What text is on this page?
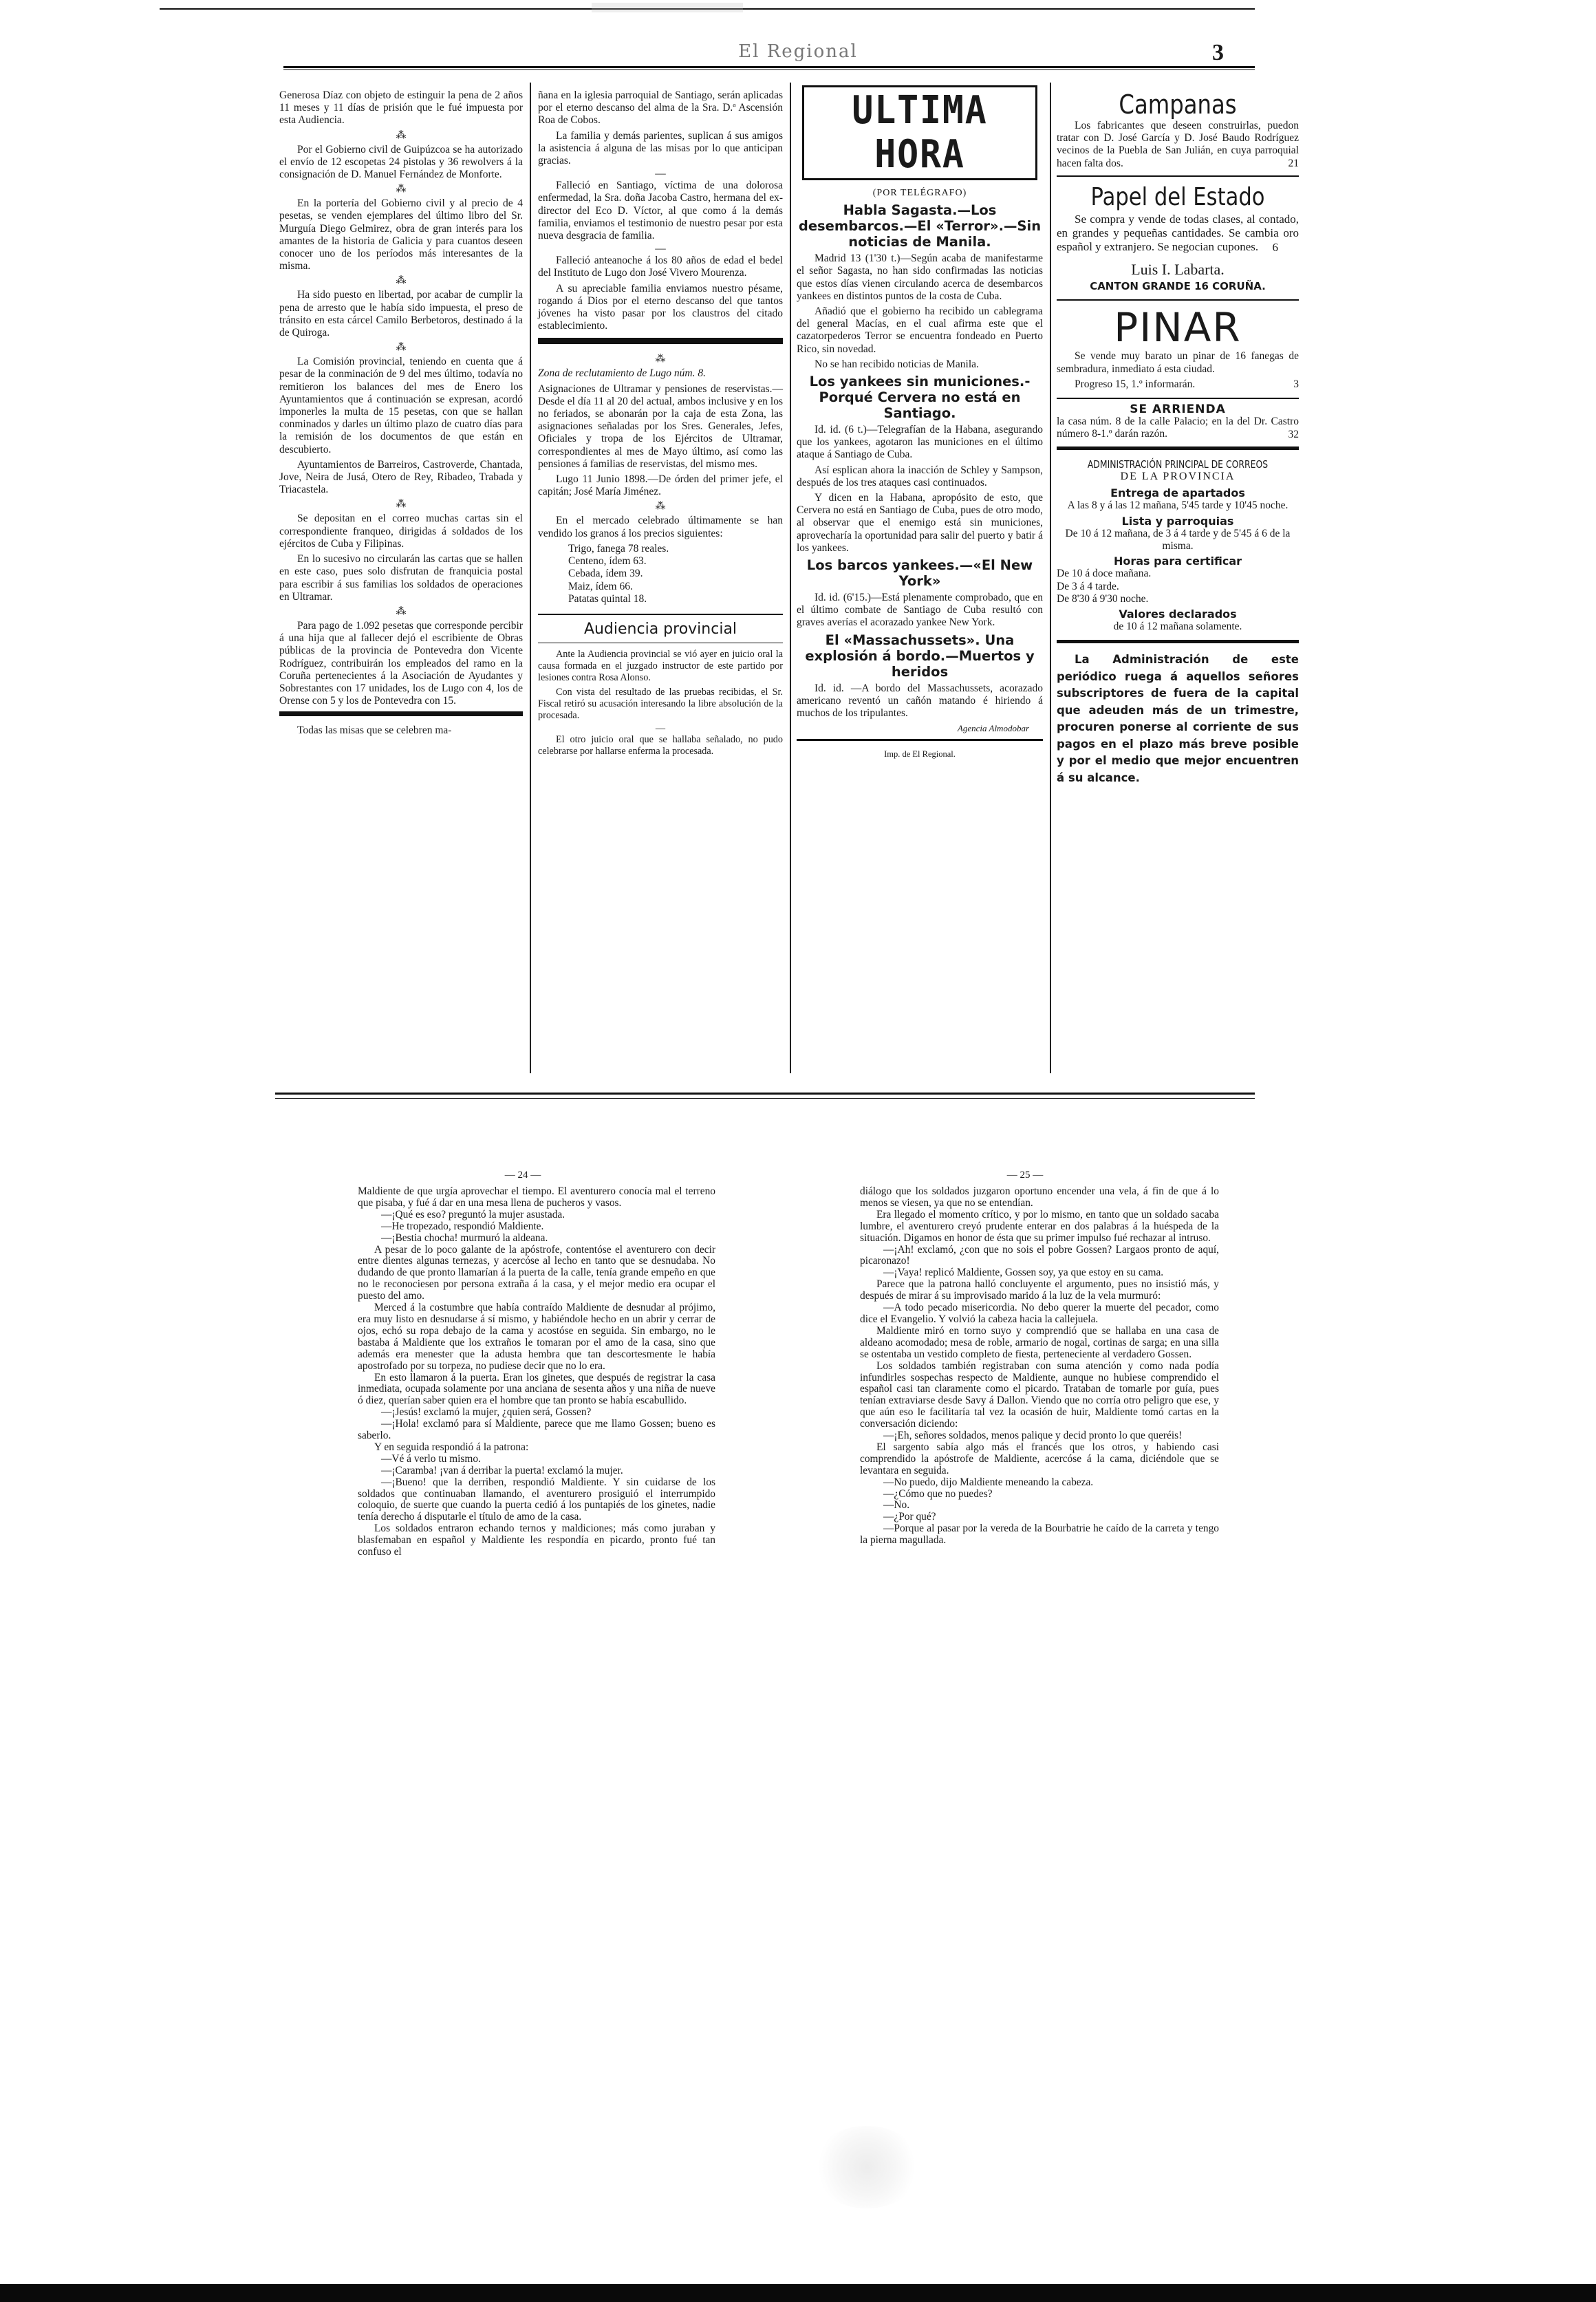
El Regional	3

Generosa Díaz con objeto de estinguir la pena de 2 años 11 meses y 11 días de prisión que le fué impuesta por esta Audiencia.

⁂

Por el Gobierno civil de Guipúzcoa se ha autorizado el envío de 12 escopetas 24 pistolas y 36 rewolvers á la consignación de D. Manuel Fernández de Monforte.

⁂

En la portería del Gobierno civil y al precio de 4 pesetas, se venden ejemplares del último libro del Sr. Murguía Diego Gelmirez, obra de gran interés para los amantes de la historia de Galicia y para cuantos deseen conocer uno de los períodos más interesantes de la misma.

⁂

Ha sido puesto en libertad, por acabar de cumplir la pena de arresto que le había sido impuesta, el preso de tránsito en esta cárcel Camilo Berbetoros, destinado á la de Quiroga.

⁂

La Comisión provincial, teniendo en cuenta que á pesar de la conminación de 9 del mes último, todavía no remitieron los balances del mes de Enero los Ayuntamientos que á continuación se expresan, acordó imponerles la multa de 15 pesetas, con que se hallan conminados y darles un último plazo de cuatro días para la remisión de los documentos de que están en descubierto.

Ayuntamientos de Barreiros, Castroverde, Chantada, Jove, Neira de Jusá, Otero de Rey, Ribadeo, Trabada y Triacastela.

⁂

Se depositan en el correo muchas cartas sin el correspondiente franqueo, dirigidas á soldados de los ejércitos de Cuba y Filipinas.

En lo sucesivo no circularán las cartas que se hallen en este caso, pues solo disfrutan de franquicia postal para escribir á sus familias los soldados de operaciones en Ultramar.

⁂

Para pago de 1.092 pesetas que corresponde percibir á una hija que al fallecer dejó el escribiente de Obras públicas de la provincia de Pontevedra don Vicente Rodríguez, contribuirán los empleados del ramo en la Coruña pertenecientes á la Asociación de Ayudantes y Sobrestantes con 17 unidades, los de Lugo con 4, los de Orense con 5 y los de Pontevedra con 15.

Todas las misas que se celebren ma-

ñana en la iglesia parroquial de Santiago, serán aplicadas por el eterno descanso del alma de la Sra. D.ª Ascensión Roa de Cobos.

La familia y demás parientes, suplican á sus amigos la asistencia á alguna de las misas por lo que anticipan gracias.

—

Falleció en Santiago, víctima de una dolorosa enfermedad, la Sra. doña Jacoba Castro, hermana del ex-director del Eco D. Víctor, al que como á la demás familia, enviamos el testimonio de nuestro pesar por esta nueva desgracia de familia.

—

Falleció anteanoche á los 80 años de edad el bedel del Instituto de Lugo don José Vivero Mourenza.

A su apreciable familia enviamos nuestro pésame, rogando á Dios por el eterno descanso del que tantos jóvenes ha visto pasar por los claustros del citado establecimiento.

⁂

Zona de reclutamiento de Lugo núm. 8.

Asignaciones de Ultramar y pensiones de reservistas.—Desde el día 11 al 20 del actual, ambos inclusive y en los no feriados, se abonarán por la caja de esta Zona, las asignaciones señaladas por los Sres. Generales, Jefes, Oficiales y tropa de los Ejércitos de Ultramar, correspondientes al mes de Mayo último, así como las pensiones á familias de reservistas, del mismo mes.

Lugo 11 Junio 1898.—De órden del primer jefe, el capitán; José María Jiménez.

⁂

En el mercado celebrado últimamente se han vendido los granos á los precios siguientes:

Trigo, fanega 78 reales.
Centeno, ídem 63.
Cebada, ídem 39.
Maiz, ídem 66.
Patatas quintal 18.
Audiencia provincial

Ante la Audiencia provincial se vió ayer en juicio oral la causa formada en el juzgado instructor de este partido por lesiones contra Rosa Alonso.

Con vista del resultado de las pruebas recibidas, el Sr. Fiscal retiró su acusación interesando la libre absolución de la procesada.

—

El otro juicio oral que se hallaba señalado, no pudo celebrarse por hallarse enferma la procesada.

ULTIMA HORA
(POR TELÉGRAFO)
Habla Sagasta.—Los desembarcos.—El «Terror».—Sin noticias de Manila.

Madrid 13 (1'30 t.)—Según acaba de manifestarme el señor Sagasta, no han sido confirmadas las noticias que estos días vienen circulando acerca de desembarcos yankees en distintos puntos de la costa de Cuba.

Añadió que el gobierno ha recibido un cablegrama del general Macías, en el cual afirma este que el cazatorpederos Terror se encuentra fondeado en Puerto Rico, sin novedad.

No se han recibido noticias de Manila.

Los yankees sin municiones.-Porqué Cervera no está en Santiago.

Id. id. (6 t.)—Telegrafían de la Habana, asegurando que los yankees, agotaron las municiones en el último ataque á Santiago de Cuba.

Así esplican ahora la inacción de Schley y Sampson, después de los tres ataques casi continuados.

Y dicen en la Habana, apropósito de esto, que Cervera no está en Santiago de Cuba, pues de otro modo, al observar que el enemigo está sin municiones, aprovecharía la oportunidad para salir del puerto y batir á los yankees.

Los barcos yankees.—«El New York»

Id. id. (6'15.)—Está plenamente comprobado, que en el último combate de Santiago de Cuba resultó con graves averías el acorazado yankee New York.

El «Massachussets». Una explosión á bordo.—Muertos y heridos

Id. id. —A bordo del Massachussets, acorazado americano reventó un cañón matando é hiriendo á muchos de los tripulantes.

Agencia Almodobar
Imp. de El Regional.
Campanas

Los fabricantes que deseen construirlas, puedon tratar con D. José García y D. José Baudo Rodríguez vecinos de la Puebla de San Julián, en cuya parroquial hacen falta dos.	21
Papel del Estado

Se compra y vende de todas clases, al contado, en grandes y pequeñas cantidades. Se cambia oro español y extranjero. Se negocian cupones.	6
Luis I. Labarta.
CANTON GRANDE 16 CORUÑA.
PINAR

Se vende muy barato un pinar de 16 fanegas de sembradura, inmediato á esta ciudad.

Progreso 15, 1.º informarán.	3
SE ARRIENDA

la casa núm. 8 de la calle Palacio; en la del Dr. Castro número 8-1.º darán razón.	32
ADMINISTRACIÓN PRINCIPAL DE CORREOS
DE LA PROVINCIA
Entrega de apartados
A las 8 y á las 12 mañana, 5'45 tarde y 10'45 noche.
Lista y parroquias
De 10 á 12 mañana, de 3 á 4 tarde y de 5'45 á 6 de la misma.
Horas para certificar
De 10 á doce mañana.
De 3 á 4 tarde.
De 8'30 á 9'30 noche.
Valores declarados
de 10 á 12 mañana solamente.

La Administración de este periódico ruega á aquellos señores subscriptores de fuera de la capital que adeuden más de un trimestre, procuren ponerse al corriente de sus pagos en el plazo más breve posible y por el medio que mejor encuentren á su alcance.

— 24 —	— 25 —

Maldiente de que urgía aprovechar el tiempo. El aventurero conocía mal el terreno que pisaba, y fué á dar en una mesa llena de pucheros y vasos.

—¡Qué es eso? preguntó la mujer asustada.

—He tropezado, respondió Maldiente.

—¡Bestia chocha! murmuró la aldeana.

A pesar de lo poco galante de la apóstrofe, contentóse el aventurero con decir entre dientes algunas ternezas, y acercóse al lecho en tanto que se desnudaba. No dudando de que pronto llamarían á la puerta de la calle, tenía grande empeño en que no le reconociesen por persona extraña á la casa, y el mejor medio era ocupar el puesto del amo.

Merced á la costumbre que había contraído Maldiente de desnudar al prójimo, era muy listo en desnudarse á sí mismo, y habiéndole hecho en un abrir y cerrar de ojos, echó su ropa debajo de la cama y acostóse en seguida. Sin embargo, no le bastaba á Maldiente que los extraños le tomaran por el amo de la casa, sino que además era menester que la adusta hembra que tan descortesmente le había apostrofado por su torpeza, no pudiese decir que no lo era.

En esto llamaron á la puerta. Eran los ginetes, que después de registrar la casa inmediata, ocupada solamente por una anciana de sesenta años y una niña de nueve ó diez, querían saber quien era el hombre que tan pronto se había escabullido.

—¡Jesús! exclamó la mujer, ¿quien será, Gossen?

—¡Hola! exclamó para sí Maldiente, parece que me llamo Gossen; bueno es saberlo.

Y en seguida respondió á la patrona:

—Vé á verlo tu mismo.

—¡Caramba! ¡van á derribar la puerta! exclamó la mujer.

—¡Bueno! que la derriben, respondió Maldiente. Y sin cuidarse de los soldados que continuaban llamando, el aventurero prosiguió el interrumpido coloquio, de suerte que cuando la puerta cedió á los puntapiés de los ginetes, nadie tenía derecho á disputarle el título de amo de la casa.

Los soldados entraron echando ternos y maldiciones; más como juraban y blasfemaban en español y Maldiente les respondía en picardo, pronto fué tan confuso el

diálogo que los soldados juzgaron oportuno encender una vela, á fin de que á lo menos se viesen, ya que no se entendían.

Era llegado el momento crítico, y por lo mismo, en tanto que un soldado sacaba lumbre, el aventurero creyó prudente enterar en dos palabras á la huéspeda de la situación. Digamos en honor de ésta que su primer impulso fué rechazar al intruso.

—¡Ah! exclamó, ¿con que no sois el pobre Gossen? Largaos pronto de aquí, picaronazo!

—¡Vaya! replicó Maldiente, Gossen soy, ya que estoy en su cama.

Parece que la patrona halló concluyente el argumento, pues no insistió más, y después de mirar á su improvisado marido á la luz de la vela murmuró:

—A todo pecado misericordia. No debo querer la muerte del pecador, como dice el Evangelio. Y volvió la cabeza hacia la callejuela.

Maldiente miró en torno suyo y comprendió que se hallaba en una casa de aldeano acomodado; mesa de roble, armario de nogal, cortinas de sarga; en una silla se ostentaba un vestido completo de fiesta, perteneciente al verdadero Gossen.

Los soldados también registraban con suma atención y como nada podía infundirles sospechas respecto de Maldiente, aunque no hubiese comprendido el español casi tan claramente como el picardo. Trataban de tomarle por guía, pues tenían extraviarse desde Savy á Dallon. Viendo que no corría otro peligro que ese, y que aún eso le facilitaría tal vez la ocasión de huir, Maldiente tomó cartas en la conversación diciendo:

—¡Eh, señores soldados, menos palique y decid pronto lo que queréis!

El sargento sabía algo más el francés que los otros, y habiendo casi comprendido la apóstrofe de Maldiente, acercóse á la cama, diciéndole que se levantara en seguida.

—No puedo, dijo Maldiente meneando la cabeza.

—¿Cómo que no puedes?

—No.

—¿Por qué?

—Porque al pasar por la vereda de la Bourbatrie he caído de la carreta y tengo la pierna magullada.
